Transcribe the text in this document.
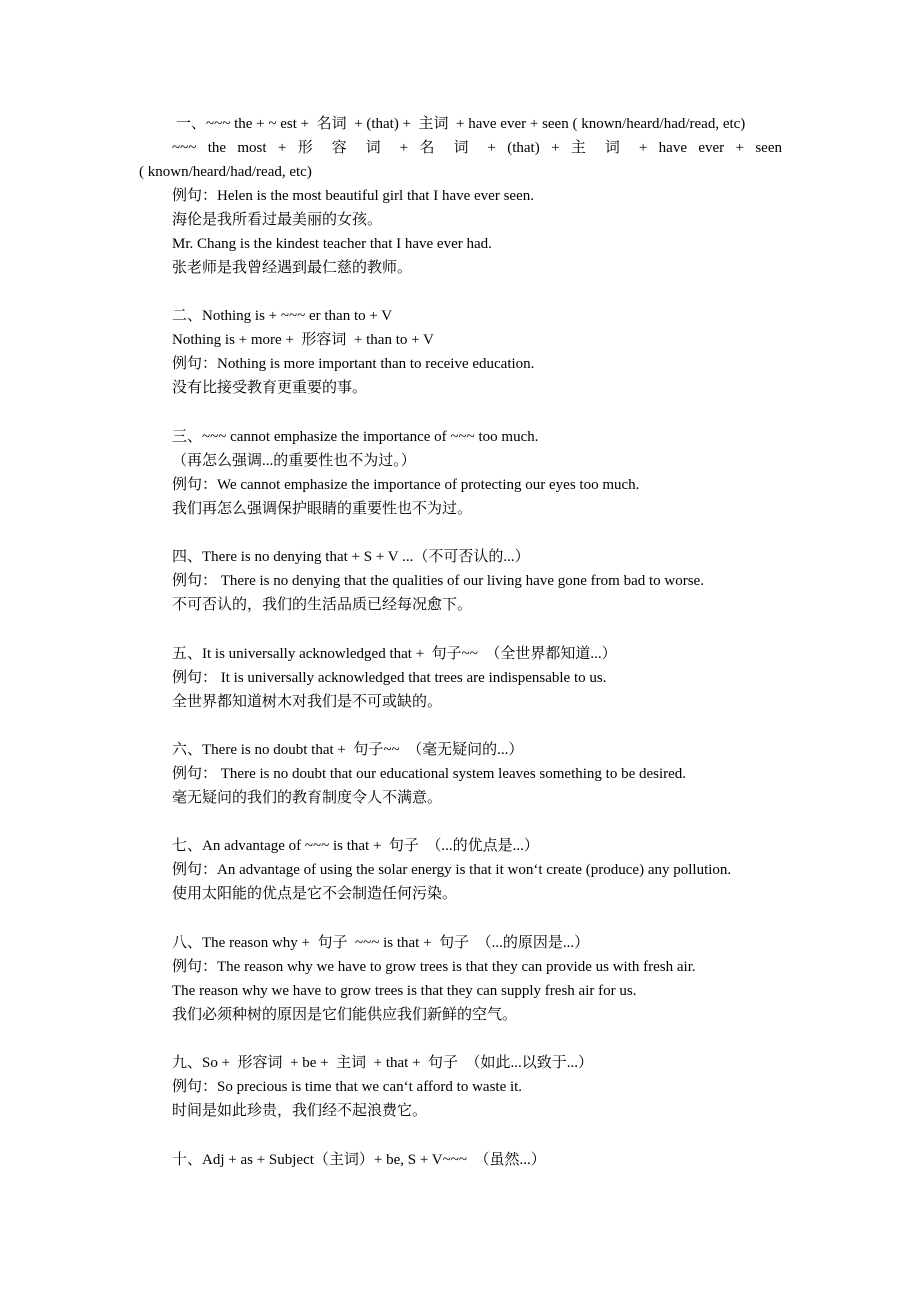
一、~~~ the + ~ est +  名词  + (that) +  主词  + have ever + seen ( known/heard/had/read, etc)
~~~ the most + 形 容 词 + 名 词 + (that) + 主 词 + have ever + seen
( known/heard/had/read, etc)
例句：Helen is the most beautiful girl that I have ever seen.
海伦是我所看过最美丽的女孩。
Mr. Chang is the kindest teacher that I have ever had.
张老师是我曾经遇到最仁慈的教师。
二、Nothing is + ~~~ er than to + V
Nothing is + more +  形容词  + than to + V
例句：Nothing is more important than to receive education.
没有比接受教育更重要的事。
三、~~~ cannot emphasize the importance of ~~~ too much.
（再怎么强调...的重要性也不为过。）
例句：We cannot emphasize the importance of protecting our eyes too much.
我们再怎么强调保护眼睛的重要性也不为过。
四、There is no denying that + S + V ...（不可否认的...）
例句： There is no denying that the qualities of our living have gone from bad to worse.
不可否认的，我们的生活品质已经每况愈下。
五、It is universally acknowledged that +  句子~~  （全世界都知道...）
例句： It is universally acknowledged that trees are indispensable to us.
全世界都知道树木对我们是不可或缺的。
六、There is no doubt that +  句子~~  （毫无疑问的...）
例句： There is no doubt that our educational system leaves something to be desired.
毫无疑问的我们的教育制度令人不满意。
七、An advantage of ~~~ is that +  句子  （...的优点是...）
例句：An advantage of using the solar energy is that it won‘t create (produce) any pollution.
使用太阳能的优点是它不会制造任何污染。
八、The reason why +  句子  ~~~ is that +  句子  （...的原因是...）
例句：The reason why we have to grow trees is that they can provide us with fresh air.
The reason why we have to grow trees is that they can supply fresh air for us.
我们必须种树的原因是它们能供应我们新鲜的空气。
九、So +  形容词  + be +  主词  + that +  句子  （如此...以致于...）
例句：So precious is time that we can‘t afford to waste it.
时间是如此珍贵，我们经不起浪费它。
十、Adj + as + Subject（主词）+ be, S + V~~~  （虽然...）
